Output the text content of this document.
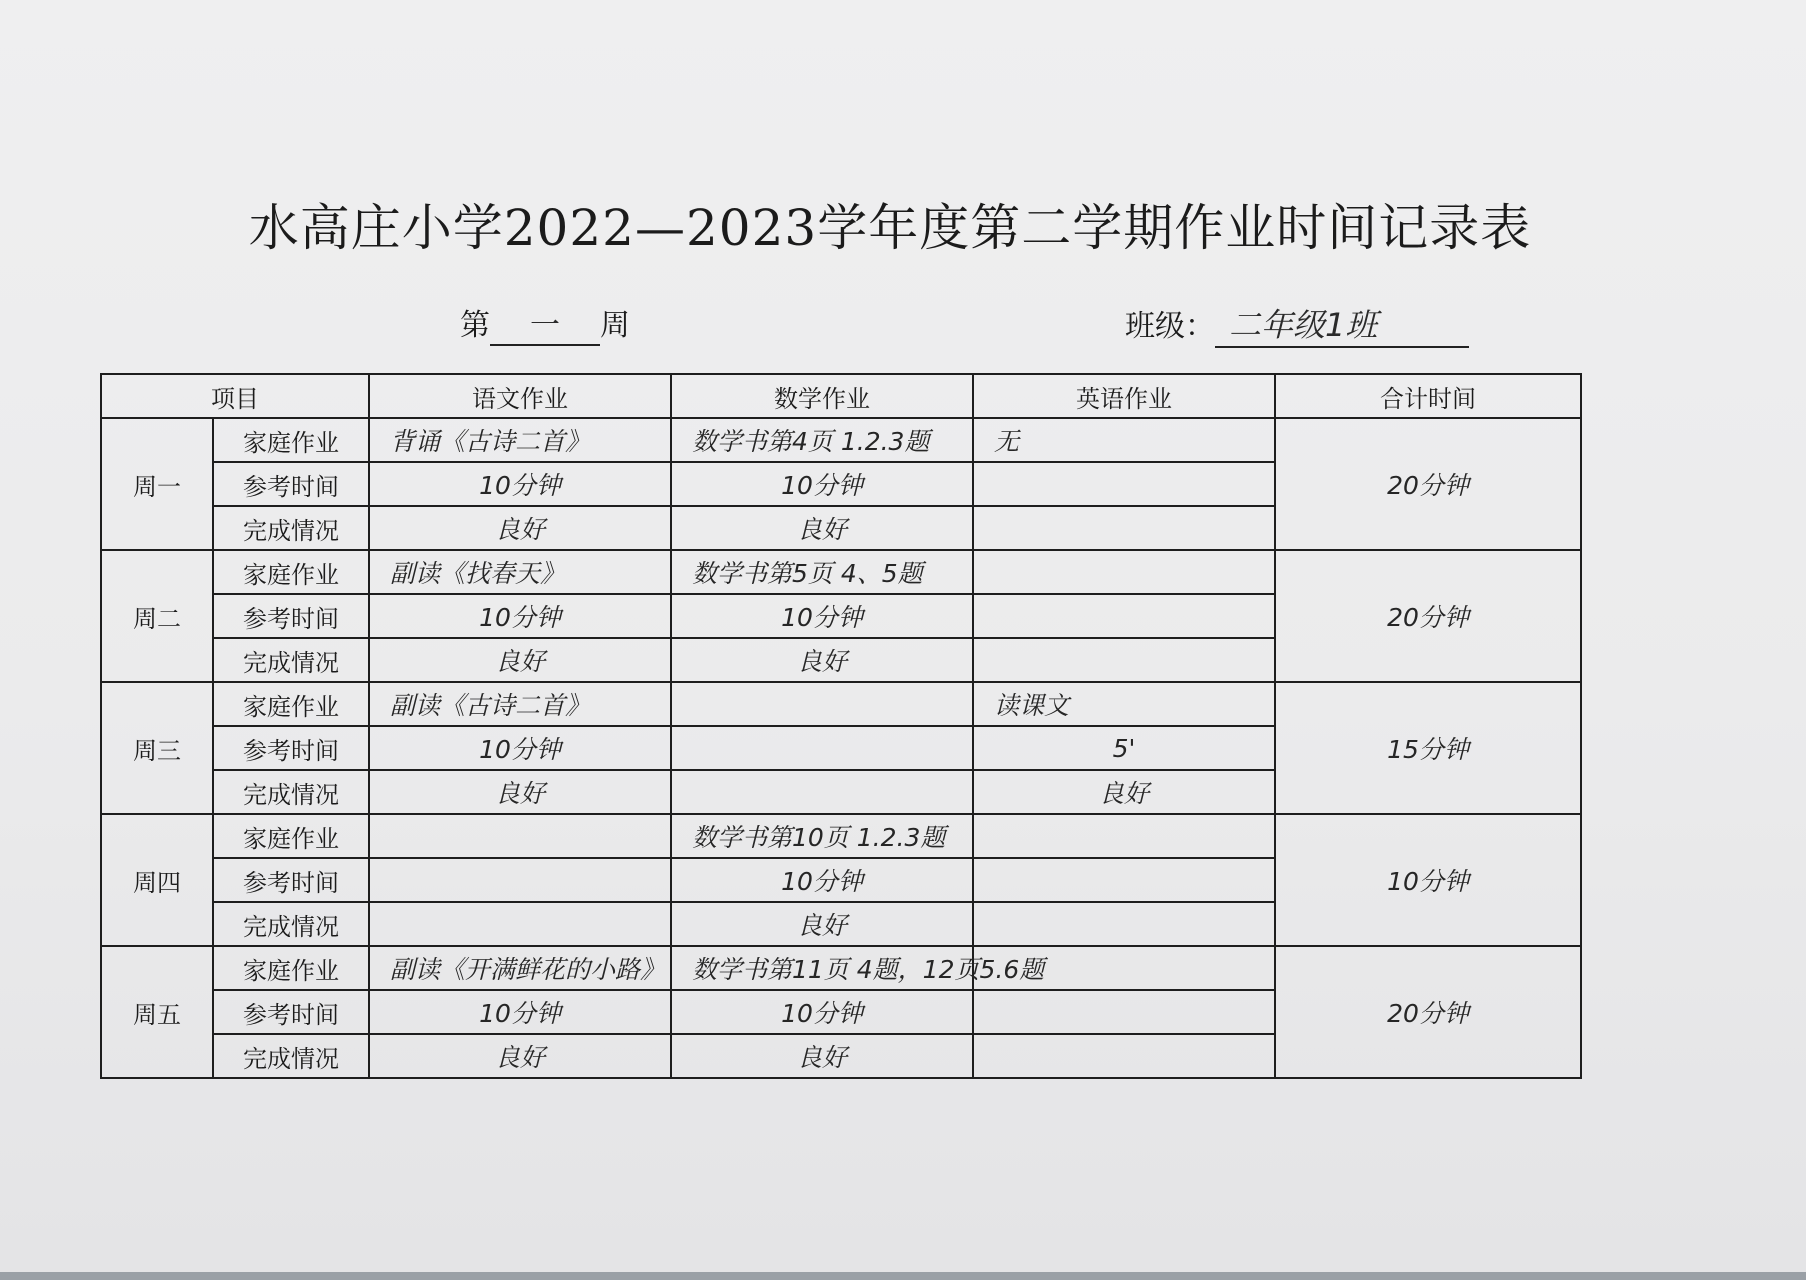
水高庄小学2022—2023学年度第二学期作业时间记录表
第 一 周	班级： 二年级1班
项目		语文作业	数学作业	英语作业	合计时间
周一	家庭作业	背诵《古诗二首》	数学书第4页 1.2.3题	无	20分钟
	参考时间	10分钟	10分钟		
	完成情况	良好	良好		
周二	家庭作业	副读《找春天》	数学书第5页 4、5题		20分钟
	参考时间	10分钟	10分钟		
	完成情况	良好	良好		
周三	家庭作业	副读《古诗二首》		读课文	15分钟
	参考时间	10分钟		5'	
	完成情况	良好		良好	
周四	家庭作业		数学书第10页 1.2.3题		10分钟
	参考时间		10分钟		
	完成情况		良好		
周五	家庭作业	副读《开满鲜花的小路》	数学书第11页 4题，12页5.6题		20分钟
	参考时间	10分钟	10分钟		
	完成情况	良好	良好		
